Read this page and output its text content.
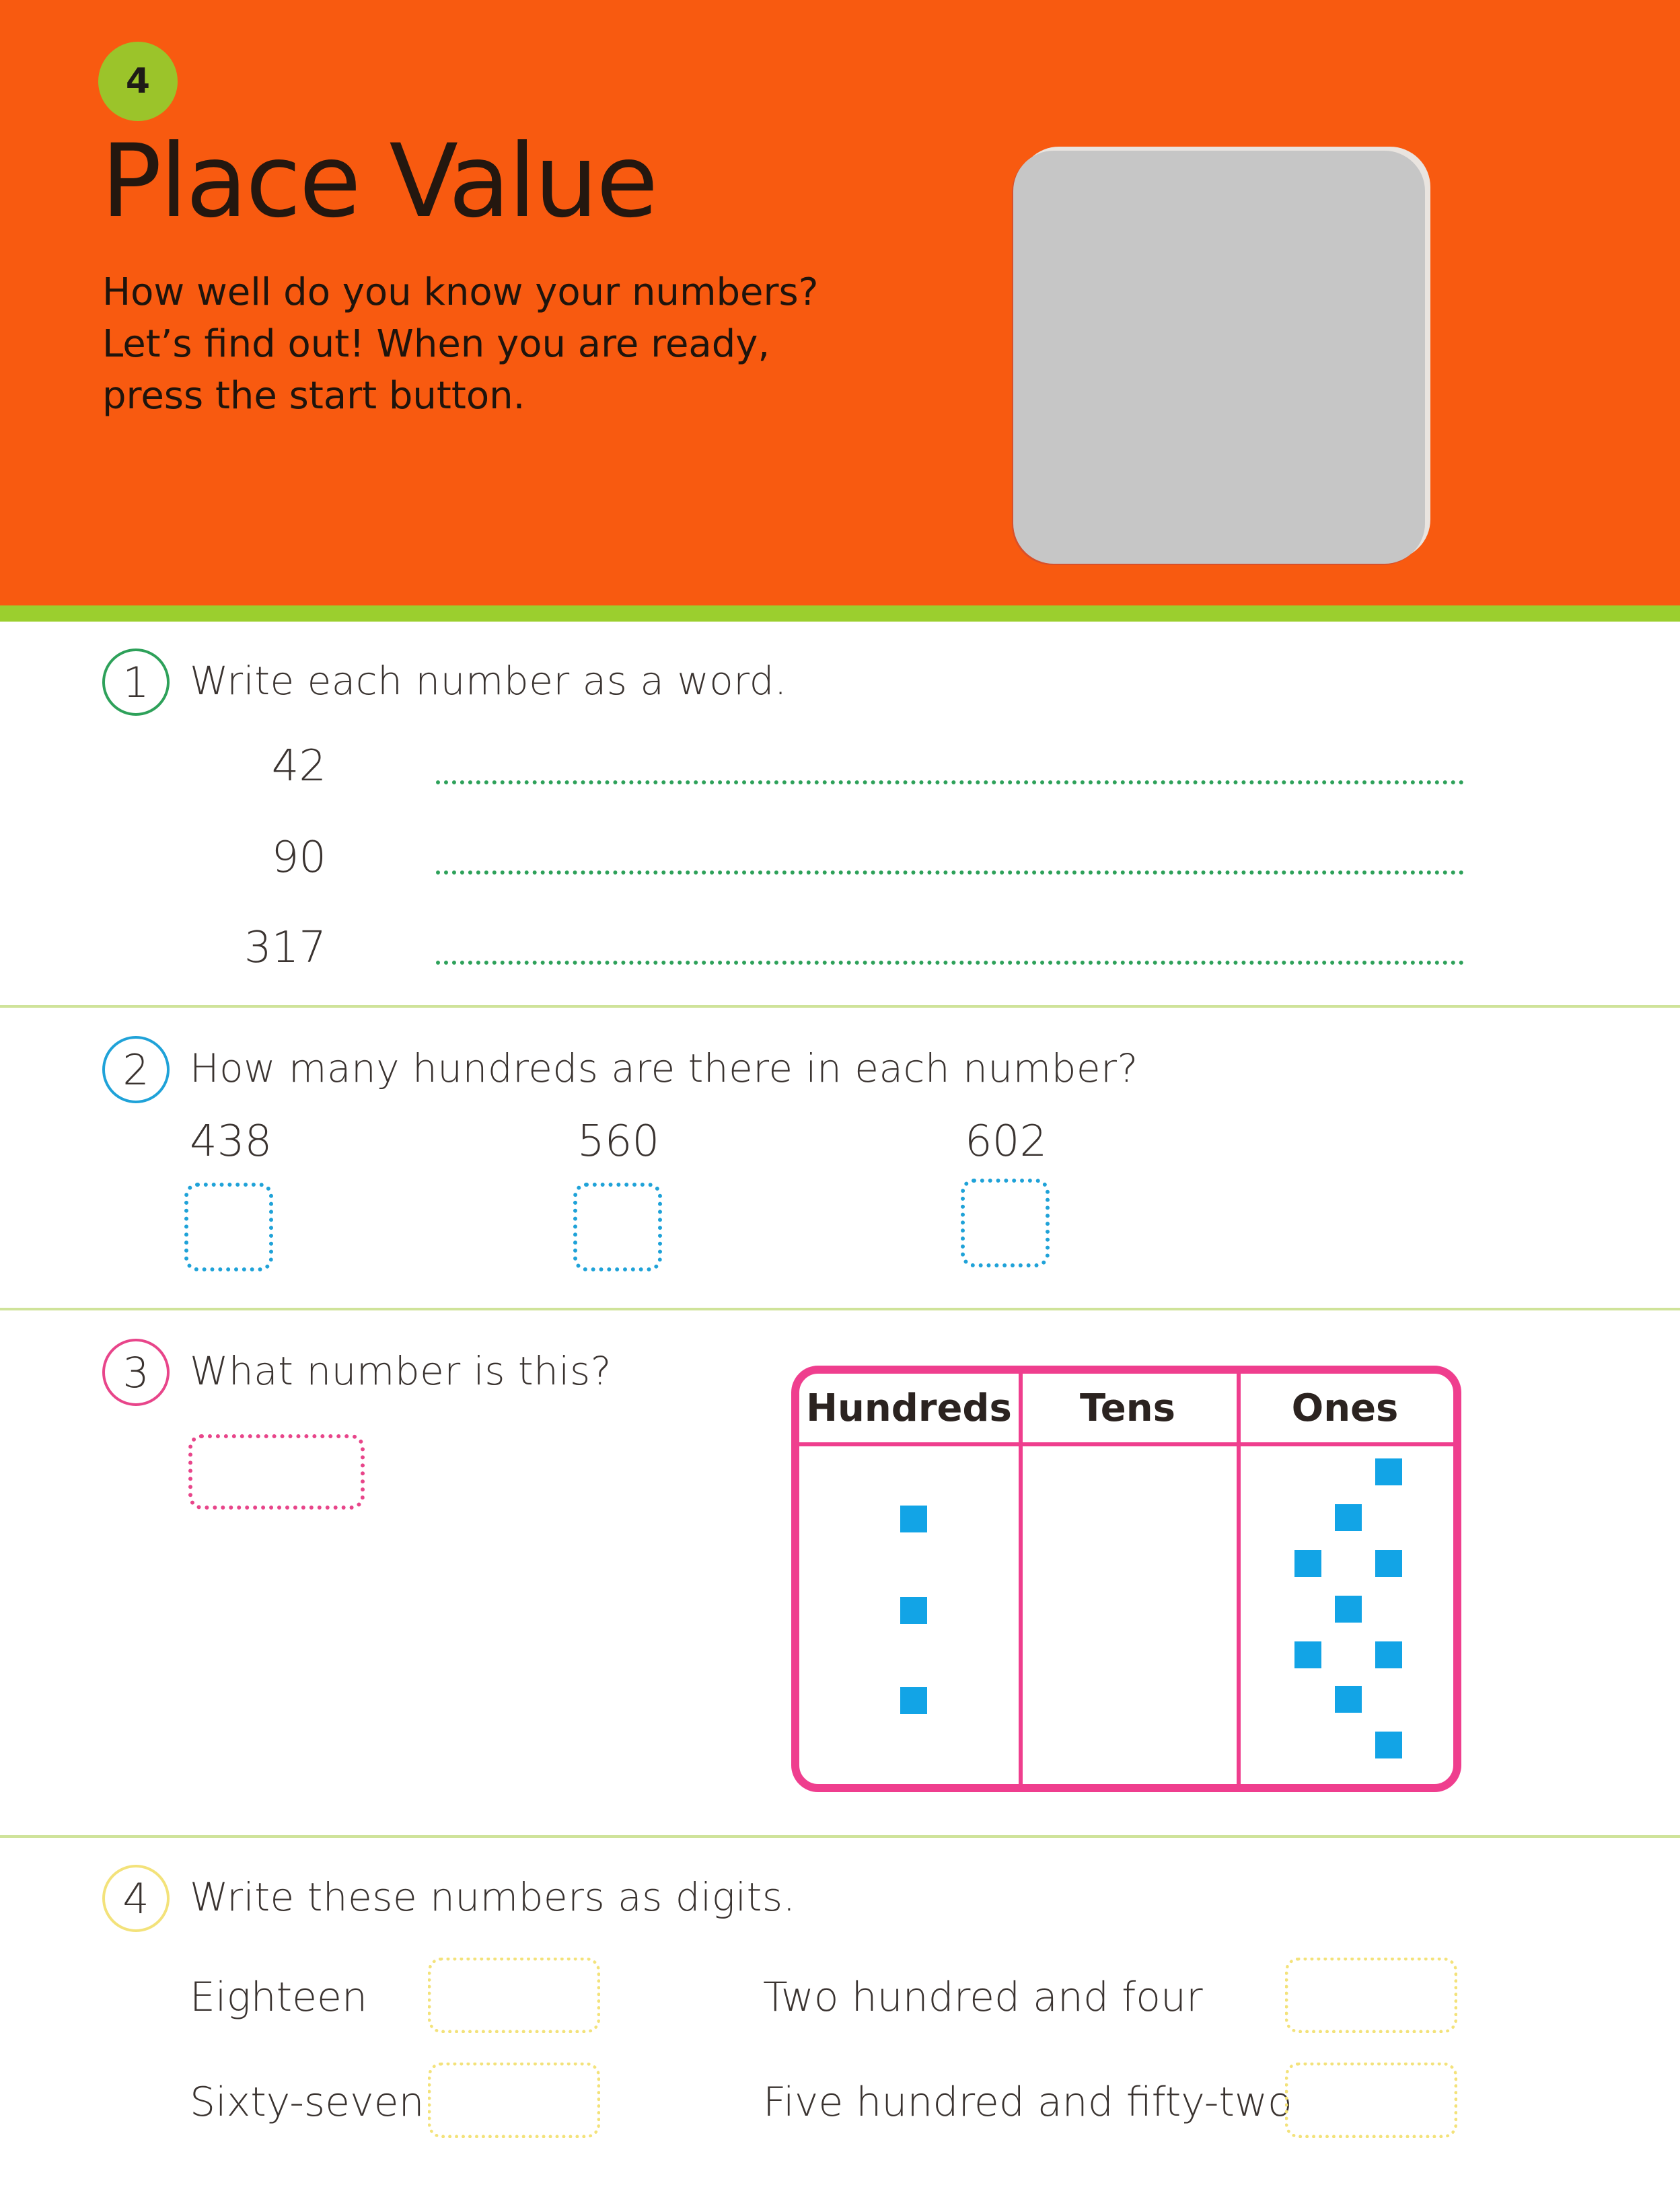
4
Place Value

How well do you know your numbers?
Let’s find out! When you are ready,
press the start button.

1	Write each number as a word.
42
90
317
2	How many hundreds are there in each number?
438	560	602
3	What number is this?
Hundreds	Tens	Ones
4	Write these numbers as digits.
Eighteen
Sixty-seven
Two hundred and four
Five hundred and fifty-two
